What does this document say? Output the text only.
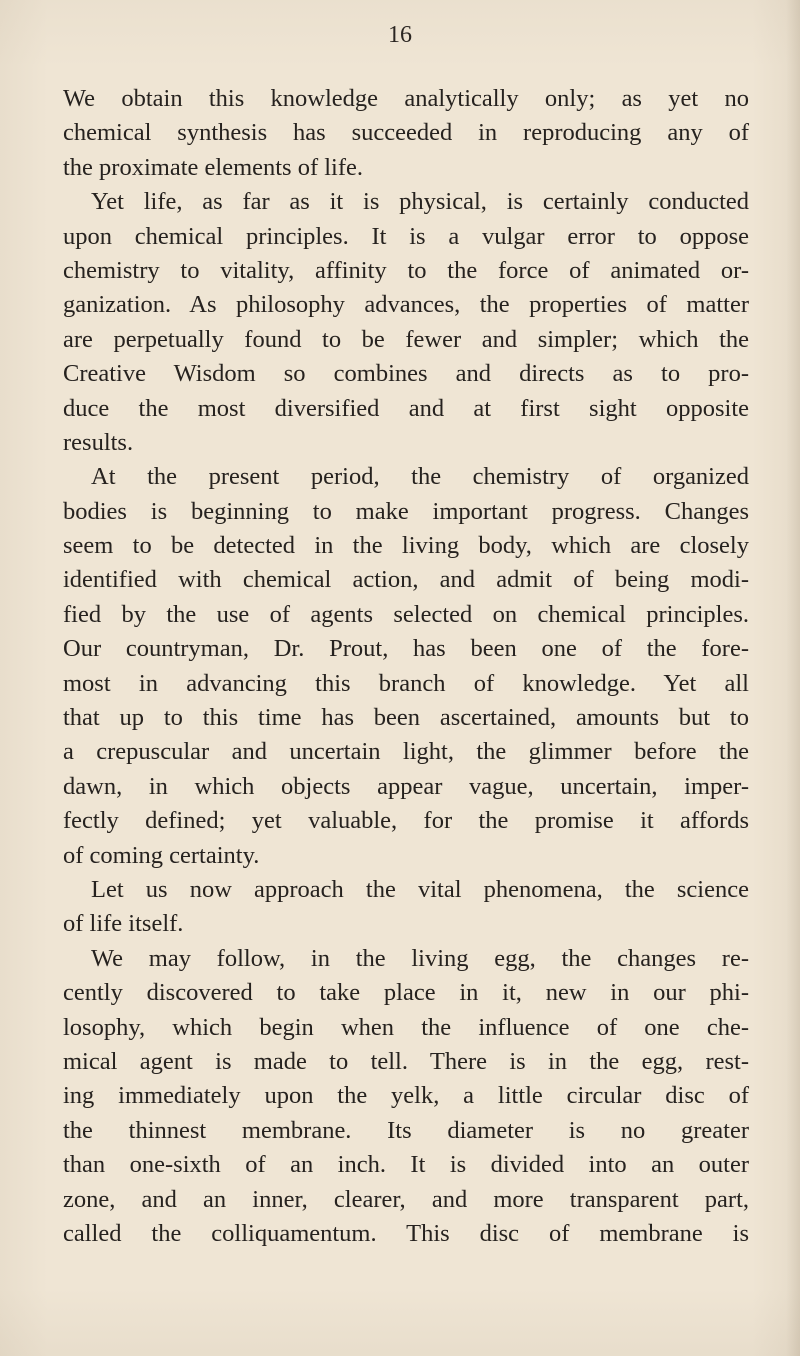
16
We obtain this knowledge analytically only; as yet no
chemical synthesis has succeeded in reproducing any of
the proximate elements of life.
Yet life, as far as it is physical, is certainly conducted
upon chemical principles. It is a vulgar error to oppose
chemistry to vitality, affinity to the force of animated or-
ganization. As philosophy advances, the properties of matter
are perpetually found to be fewer and simpler; which the
Creative Wisdom so combines and directs as to pro-
duce the most diversified and at first sight opposite
results.
At the present period, the chemistry of organized
bodies is beginning to make important progress. Changes
seem to be detected in the living body, which are closely
identified with chemical action, and admit of being modi-
fied by the use of agents selected on chemical principles.
Our countryman, Dr. Prout, has been one of the fore-
most in advancing this branch of knowledge. Yet all
that up to this time has been ascertained, amounts but to
a crepuscular and uncertain light, the glimmer before the
dawn, in which objects appear vague, uncertain, imper-
fectly defined; yet valuable, for the promise it affords
of coming certainty.
Let us now approach the vital phenomena, the science
of life itself.
We may follow, in the living egg, the changes re-
cently discovered to take place in it, new in our phi-
losophy, which begin when the influence of one che-
mical agent is made to tell. There is in the egg, rest-
ing immediately upon the yelk, a little circular disc of
the thinnest membrane. Its diameter is no greater
than one-sixth of an inch. It is divided into an outer
zone, and an inner, clearer, and more transparent part,
called the colliquamentum. This disc of membrane is
